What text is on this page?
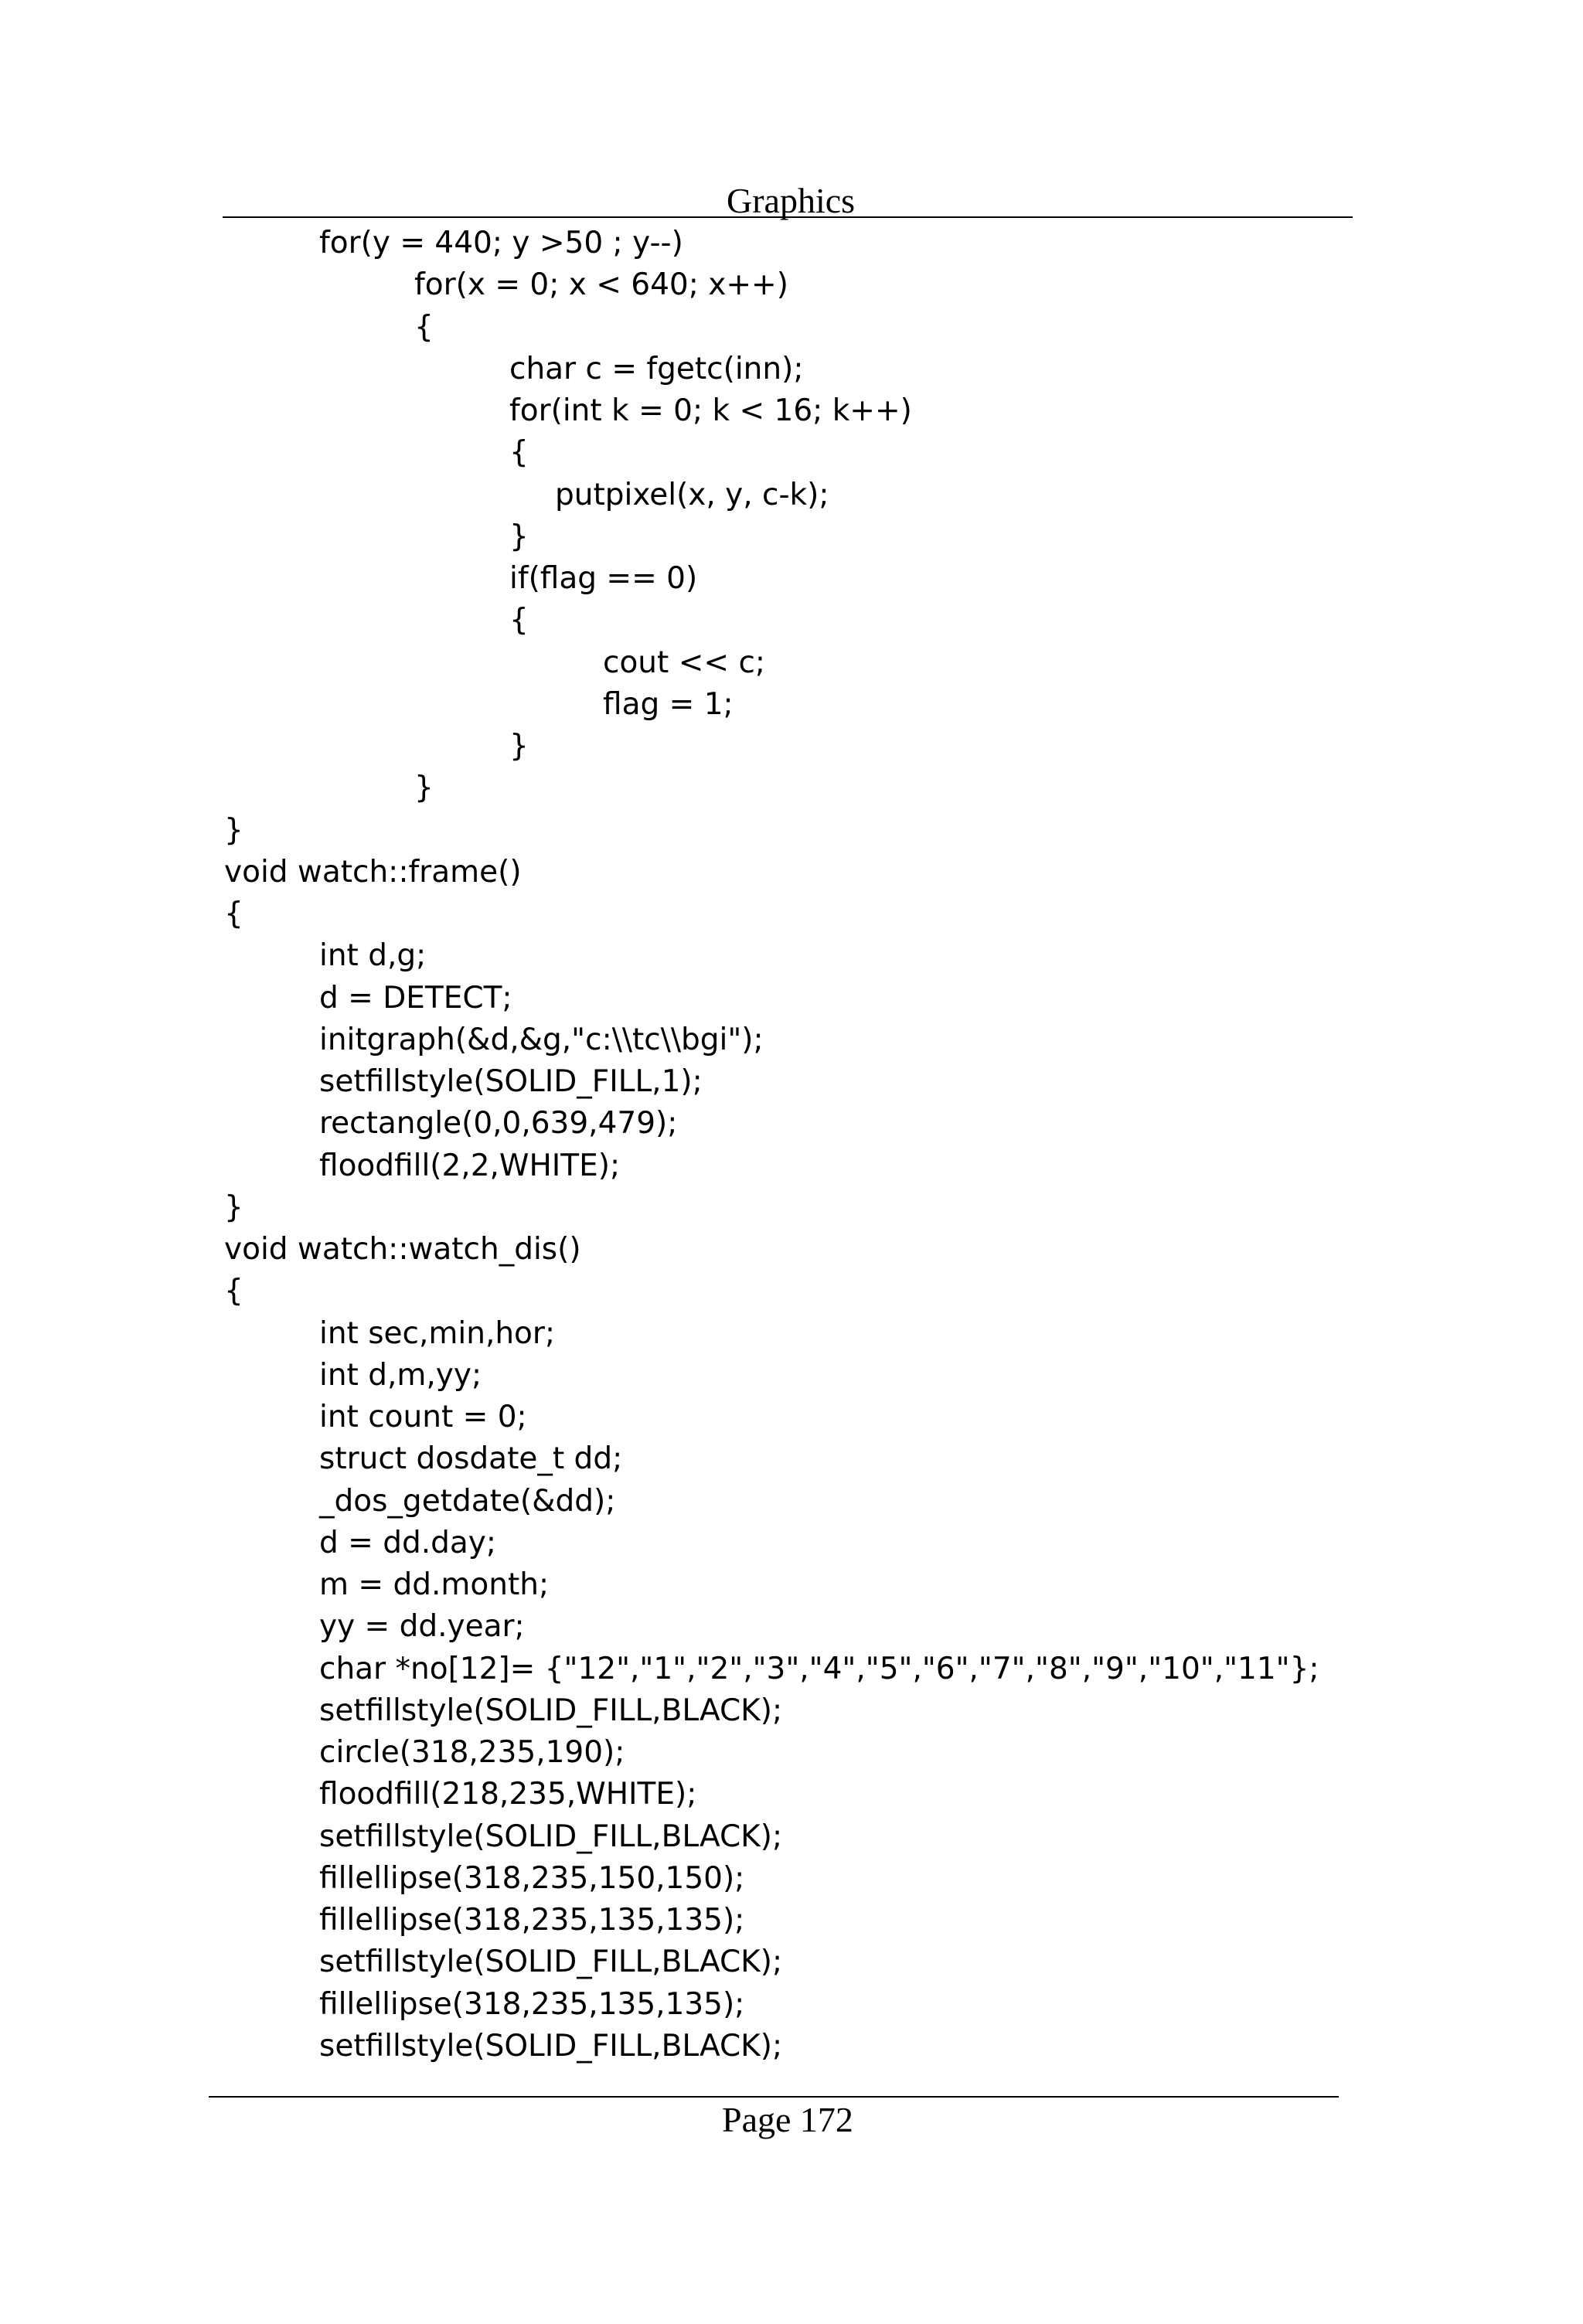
Graphics
for(y = 440; y >50 ; y--)
for(x = 0; x < 640; x++)
{
char c = fgetc(inn);
for(int k = 0; k < 16; k++)
{
putpixel(x, y, c-k);
}
if(flag == 0)
{
cout << c;
flag = 1;
}
}
}
void watch::frame()
{
int d,g;
d = DETECT;
initgraph(&d,&g,"c:\\tc\\bgi");
setfillstyle(SOLID_FILL,1);
rectangle(0,0,639,479);
floodfill(2,2,WHITE);
}
void watch::watch_dis()
{
int sec,min,hor;
int d,m,yy;
int count = 0;
struct dosdate_t dd;
_dos_getdate(&dd);
d = dd.day;
m = dd.month;
yy = dd.year;
char *no[12]= {"12","1","2","3","4","5","6","7","8","9","10","11"};
setfillstyle(SOLID_FILL,BLACK);
circle(318,235,190);
floodfill(218,235,WHITE);
setfillstyle(SOLID_FILL,BLACK);
fillellipse(318,235,150,150);
fillellipse(318,235,135,135);
setfillstyle(SOLID_FILL,BLACK);
fillellipse(318,235,135,135);
setfillstyle(SOLID_FILL,BLACK);
Page 172
